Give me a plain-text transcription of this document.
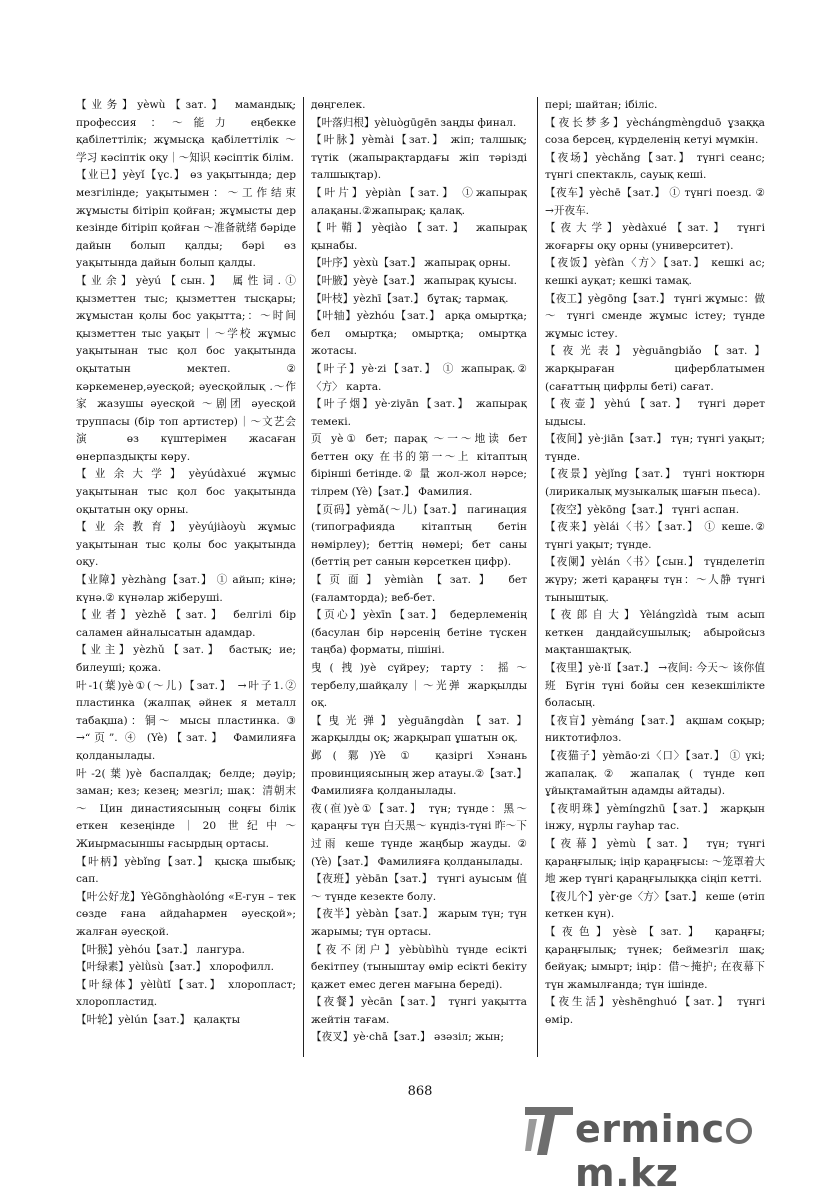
【业务】yèwù【зат.】 мамандық; профессия ：～能力 еңбекке қабілеттілік; жұмысқа қабілеттілік ～学习 кәсіптік оқу｜～知识 кәсіптік білім.

【业已】yèyǐ【үс.】 өз уақытында; дер мезгілінде; уақытымен：～工作结束 жұмысты бітіріп қойған; жұмысты дер кезінде бітіріп қойған ～准备就绪 бәріде дайын болып қалды; бәрі өз уақытында дайын болып қалды.

【业余】yèyú【сын.】 属性词.① қызметтен тыс; қызметтен тысқары; жұмыстан қолы бос уақытта;：～时间 қызметтен тыс уақыт｜～学校 жұмыс уақытынан тыс қол бос уақытында оқытатын мектеп. ② кәркеменер,әуесқой; әуесқойлық .～作家 жазушы әуесқой ～剧团 әуесқой труппасы (бір топ артистер)｜～文艺会演 өз күштерімен жасаған өнерпаздықты көру.

【业余大学】yèyúdàxué жұмыс уақытынан тыс қол бос уақытында оқытатын оқу орны.

【业余教育】yèyújiàoyù жұмыс уақытынан тыс қолы бос уақытында оқу.

【业障】yèzhàng【зат.】 ① айып; кінә; күнә.② күнәлар жіберуші.

【业者】yèzhě【зат.】 белгілі бір саламен айналысатын адамдар.

【业主】yèzhǔ【зат.】 бастық; ие; билеуші; қожа.

叶-1(葉)yè①(～儿)【зат.】 →叶子1.② пластинка (жалпақ әйнек я металл табақша)：铜～ мысы пластинка. ③ →“页”. ④ (Yè)【зат.】 Фамилияға қолданылады.

叶-2(葉)yè баспалдақ; белде; дәуір; заман; кез; кезең; мезгіл; шақ：清朝末～ Цин династиясының соңғы білік еткен кезеңінде｜20 世纪中～ Жиырмасыншы ғасырдың ортасы.

【叶柄】yèbǐng【зат.】 қысқа шыбық; сап.

【叶公好龙】YèGōnghàolóng «Е-гун – тек сөзде ғана айдаһармен әуесқой»; жалған әуесқой.

【叶猴】yèhóu【зат.】 лангура.

【叶绿素】yèlǜsù【зат.】 хлорофилл.

【叶绿体】yèlǜtǐ【зат.】 хлоропласт; хлоропластид.

【叶轮】yèlún【зат.】 қалақты

дөңгелек.

【叶落归根】yèluògūgēn заңды финал.

【叶脉】yèmài【зат.】 жіп; талшық; түтік (жапырақтардағы жіп тәрізді талшықтар).

【叶片】yèpiàn【зат.】 ①жапырақ алақаны.②жапырақ; қалақ.

【叶鞘】yèqiào【зат.】 жапырақ қынабы.

【叶序】yèxù【зат.】 жапырақ орны.

【叶腋】yèyè【зат.】 жапырақ қуысы.

【叶枝】yèzhī【зат.】 бұтақ; тармақ.

【叶轴】yèzhóu【зат.】 арқа омыртқа; бел омыртқа; омыртқа; омыртқа жотасы.

【叶子】yè·zi【зат.】 ① жапырақ.②〈方〉 карта.

【叶子烟】yè·ziyān【зат.】 жапырақ темекі.

页 yè① бет; парақ ～一～地读 бет беттен оқу 在书的第一～上 кітаптың бірінші бетінде.② 量 жол-жол нәрсе; тілрем (Yè)【зат.】 Фамилия.

【页码】yèmǎ(～儿)【зат.】 пагинация (типографияда кітаптың бетін нөмірлеу); беттің нөмері; бет саны (беттің рет санын көрсеткен цифр).

【页面】yèmiàn【зат.】 бет (ғаламторда); веб-бет.

【页心】yèxīn【зат.】 бедерлеменің (басулан бір нәрсенің бетіне түскен таңба) форматы, пішіні.

曳(拽)yè сүйреу; тарту：摇～ тербелу,шайқалу｜～光弹 жарқылды оқ.

【曳光弹】yèguāngdàn【зат.】 жарқылды оқ; жарқырап ұшатын оқ.

邺(鄴)Yè ① қазіргі Хэнань провинциясының жер атауы.②【зат.】 Фамилияға қолданылады.

夜(亱)yè①【зат.】 түн; түнде：黑～ қараңғы түн 白天黑～ күндіз-түні 昨～下过雨 кеше түнде жаңбыр жауды. ② (Yè)【зат.】 Фамилияға қолданылады.

【夜班】yèbān【зат.】 түнгі ауысым 值～ түнде кезекте болу.

【夜半】yèbàn【зат.】 жарым түн; түн жарымы; түн ортасы.

【夜不闭户】yèbùbìhù түнде есікті бекітпеу (тыныштау өмір есікті бекіту қажет емес деген мағына береді).

【夜餐】yècān【зат.】 түнгі уақытта жейтін тағам.

【夜叉】yè·chā【зат.】 әзәзіл; жын;

пері; шайтан; ібіліс.

【夜长梦多】yèchángmèngduō ұзаққа соза берсең, күрделенің кетуі мүмкін.

【夜场】yèchǎng【зат.】 түнгі сеанс; түнгі спектакль, сауық кеші.

【夜车】yèchē【зат.】 ① түнгі поезд. ② →开夜车.

【夜大学】yèdàxué【зат.】 түнгі жоғарғы оқу орны (университет).

【夜饭】yèfàn〈方〉【зат.】 кешкі ас; кешкі ауқат; кешкі тамақ.

【夜工】yègōng【зат.】 түнгі жұмыс：做～ түнгі сменде жұмыс істеу; түнде жұмыс істеу.

【夜光表】yèguāngbiǎo【зат.】 жарқыраған циферблатымен (сағаттың цифрлы беті) сағат.

【夜壶】yèhú【зат.】 түнгі дәрет ыдысы.

【夜间】yè·jiān【зат.】 түн; түнгі уақыт; түнде.

【夜景】yèjǐng【зат.】 түнгі ноктюрн (лирикалық музыкалық шағын пьеса).

【夜空】yèkōng【зат.】 түнгі аспан.

【夜来】yèlái〈书〉【зат.】 ① кеше.② түнгі уақыт; түнде.

【夜阑】yèlán〈书〉【сын.】 түнделетіп жүру; жеті қараңғы түн：～人静 түнгі тыныштық.

【夜郎自大】Yèlángzìdà тым асып кеткен даңдайсушылық; абыройсыз мақтаншақтық.

【夜里】yè·lǐ【зат.】 →夜间: 今天～ 该你值班 Бүгін түні бойы сен кезекшілікте боласың.

【夜盲】yèmáng【зат.】 ақшам соқыр; никтотифлоз.

【夜猫子】yèmāo·zi〈口〉【зат.】 ① үкі; жапалақ.② жапалақ ( түнде көп ұйықтамайтын адамды айтады).

【夜明珠】yèmíngzhū【зат.】 жарқын інжу, нұрлы гауһар тас.

【夜幕】yèmù【зат.】 түн; түнгі қараңғылық; іңір қараңғысы: ～笼罩着大地 жер түнгі қараңғылыққа сіңіп кетті.

【夜儿个】yèr·ge〈方〉【зат.】 кеше (өтіп кеткен күн).

【夜色】yèsè【зат.】 қараңғы; қараңғылық; түнек; беймезгіл шақ; бейуақ; ымырт; іңір：借～掩护; 在夜幕下 түн жамылғанда; түн ішінде.

【夜生活】yèshēnghuó【зат.】 түнгі өмір.

868
ermincm.kz
